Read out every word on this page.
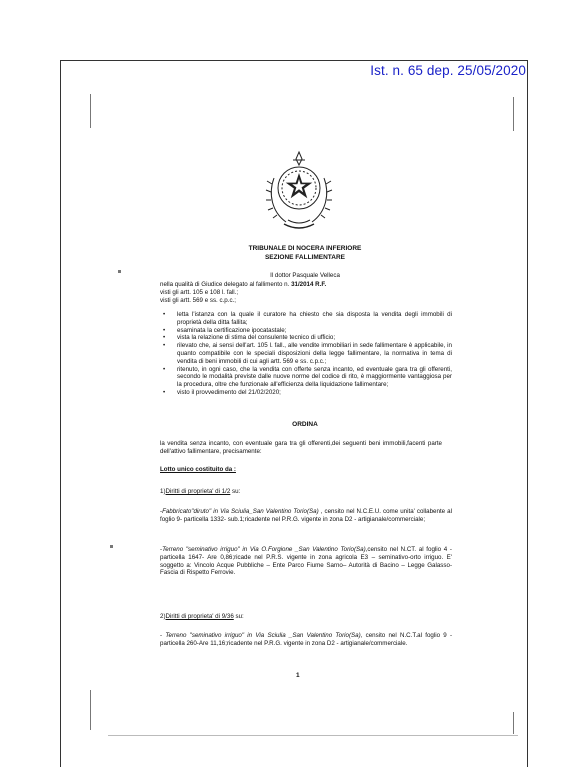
Ist. n. 65 dep. 25/05/2020
TRIBUNALE DI NOCERA INFERIORE
SEZIONE FALLIMENTARE
Il dottor Pasquale Velleca
nella qualità di Giudice delegato al fallimento n. 31/2014 R.F.
visti gli artt. 105 e 108 l. fall.;
visti gli artt. 569 e ss. c.p.c.;
• letta l'istanza con la quale il curatore ha chiesto che sia disposta la vendita degli immobili di proprietà della ditta fallita;
• esaminata la certificazione ipocatastale;
• vista la relazione di stima del consulente tecnico di ufficio;
• rilevato che, ai sensi dell'art. 105 l. fall., alle vendite immobiliari in sede fallimentare è applicabile, in quanto compatibile con le speciali disposizioni della legge fallimentare, la normativa in tema di vendita di beni immobili di cui agli artt. 569 e ss. c.p.c.;
• ritenuto, in ogni caso, che la vendita con offerte senza incanto, ed eventuale gara tra gli offerenti, secondo le modalità previste dalle nuove norme del codice di rito, è maggiormente vantaggiosa per la procedura, oltre che funzionale all'efficienza della liquidazione fallimentare;
• visto il provvedimento del 21/02/2020;
ORDINA
la vendita senza incanto, con eventuale gara tra gli offerenti,dei seguenti beni immobili,facenti parte dell'attivo fallimentare, precisamente:
Lotto unico costituito da :
1)Diritti di proprieta' di 1/2 su:
-Fabbricato"diruto" in Via Sciulia_San Valentino Torio(Sa) , censito nel N.C.E.U. come unita' collabente al foglio 9- particella 1332- sub.1;ricadente nel P.R.G. vigente in zona D2 - artigianale/commerciale;
-Terreno "seminativo irriguo" in Via O.Forgione _San Valentino Torio(Sa),censito nel N.CT. al foglio 4 -particella 1647- Are 0,86;ricade nel P.R.S. vigente in zona agricola E3 – seminativo-orto irriguo. E' soggetto a: Vincolo Acque Pubbliche – Ente Parco Fiume Sarno– Autorità di Bacino – Legge Galasso-Fascia di Rispetto Ferrovie.
2)Diritti di proprieta' di 9/36 su:
- Terreno "seminativo irriguo" in Via Sciulia _San Valentino Torio(Sa), censito nel N.C.T.al foglio 9 -particella 260-Are 11,16;ricadente nel P.R.G. vigente in zona D2 - artigianale/commerciale.
1
